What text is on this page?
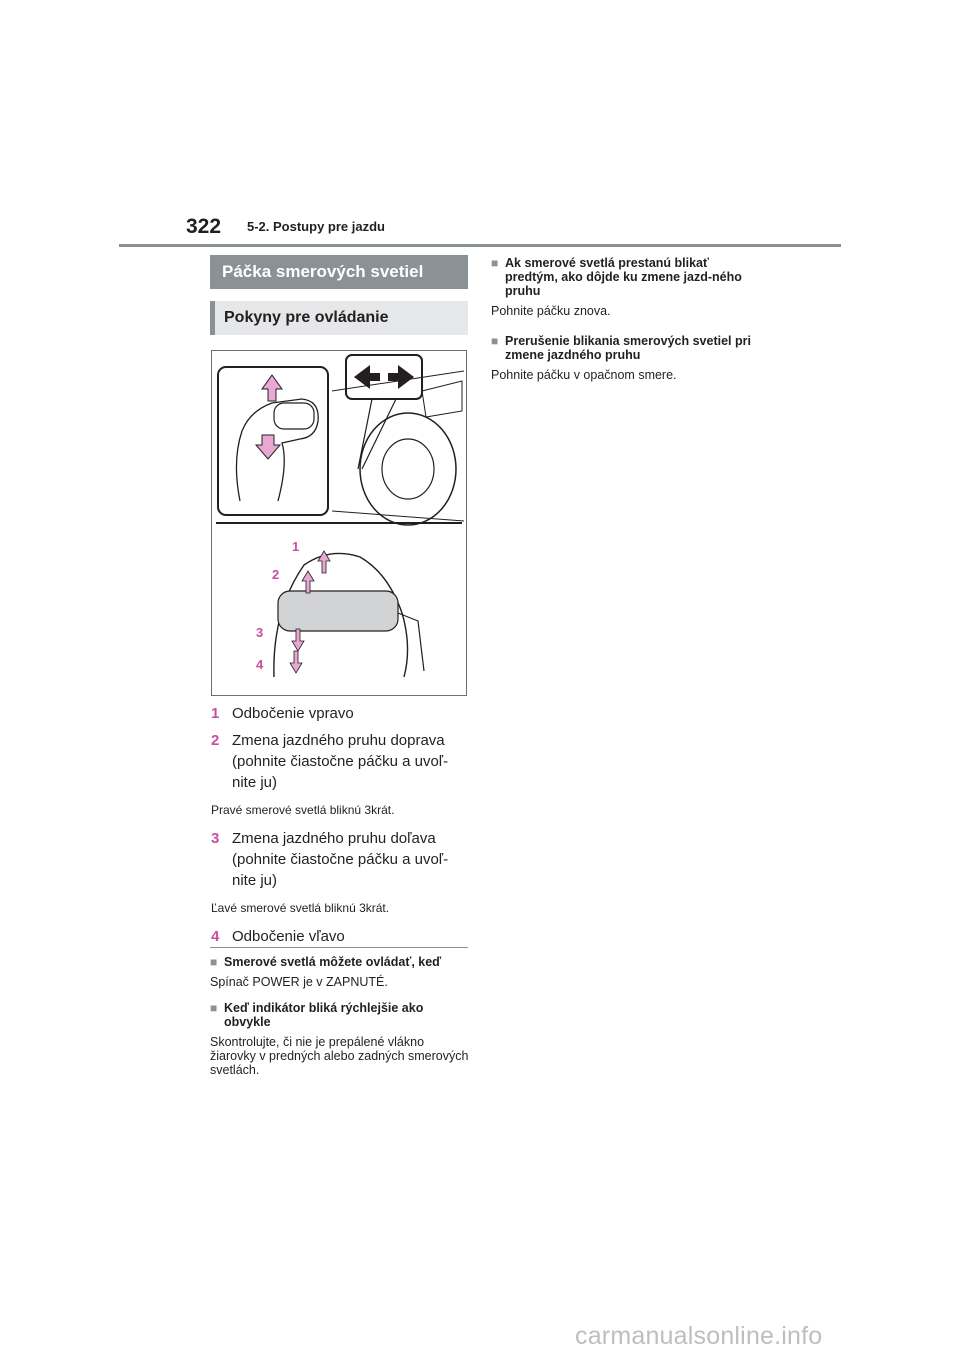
322 5-2. Postupy pre jazdu
Páčka smerových svetiel
Pokyny pre ovládanie
1
2
3
4
1 Odbočenie vpravo
2 Zmena jazdného pruhu doprava (pohnite čiastočne páčku a uvoľ-nite ju)
Pravé smerové svetlá bliknú 3krát.
3 Zmena jazdného pruhu doľava (pohnite čiastočne páčku a uvoľ-nite ju)
Ľavé smerové svetlá bliknú 3krát.
4 Odbočenie vľavo
■ Smerové svetlá môžete ovládať, keď
Spínač POWER je v ZAPNUTÉ.
■ Keď indikátor bliká rýchlejšie ako obvykle
Skontrolujte, či nie je prepálené vlákno žiarovky v predných alebo zadných smerových svetlách.
■ Ak smerové svetlá prestanú blikať predtým, ako dôjde ku zmene jazd-ného pruhu
Pohnite páčku znova.
■ Prerušenie blikania smerových svetiel pri zmene jazdného pruhu
Pohnite páčku v opačnom smere.
carmanualsonline.info
